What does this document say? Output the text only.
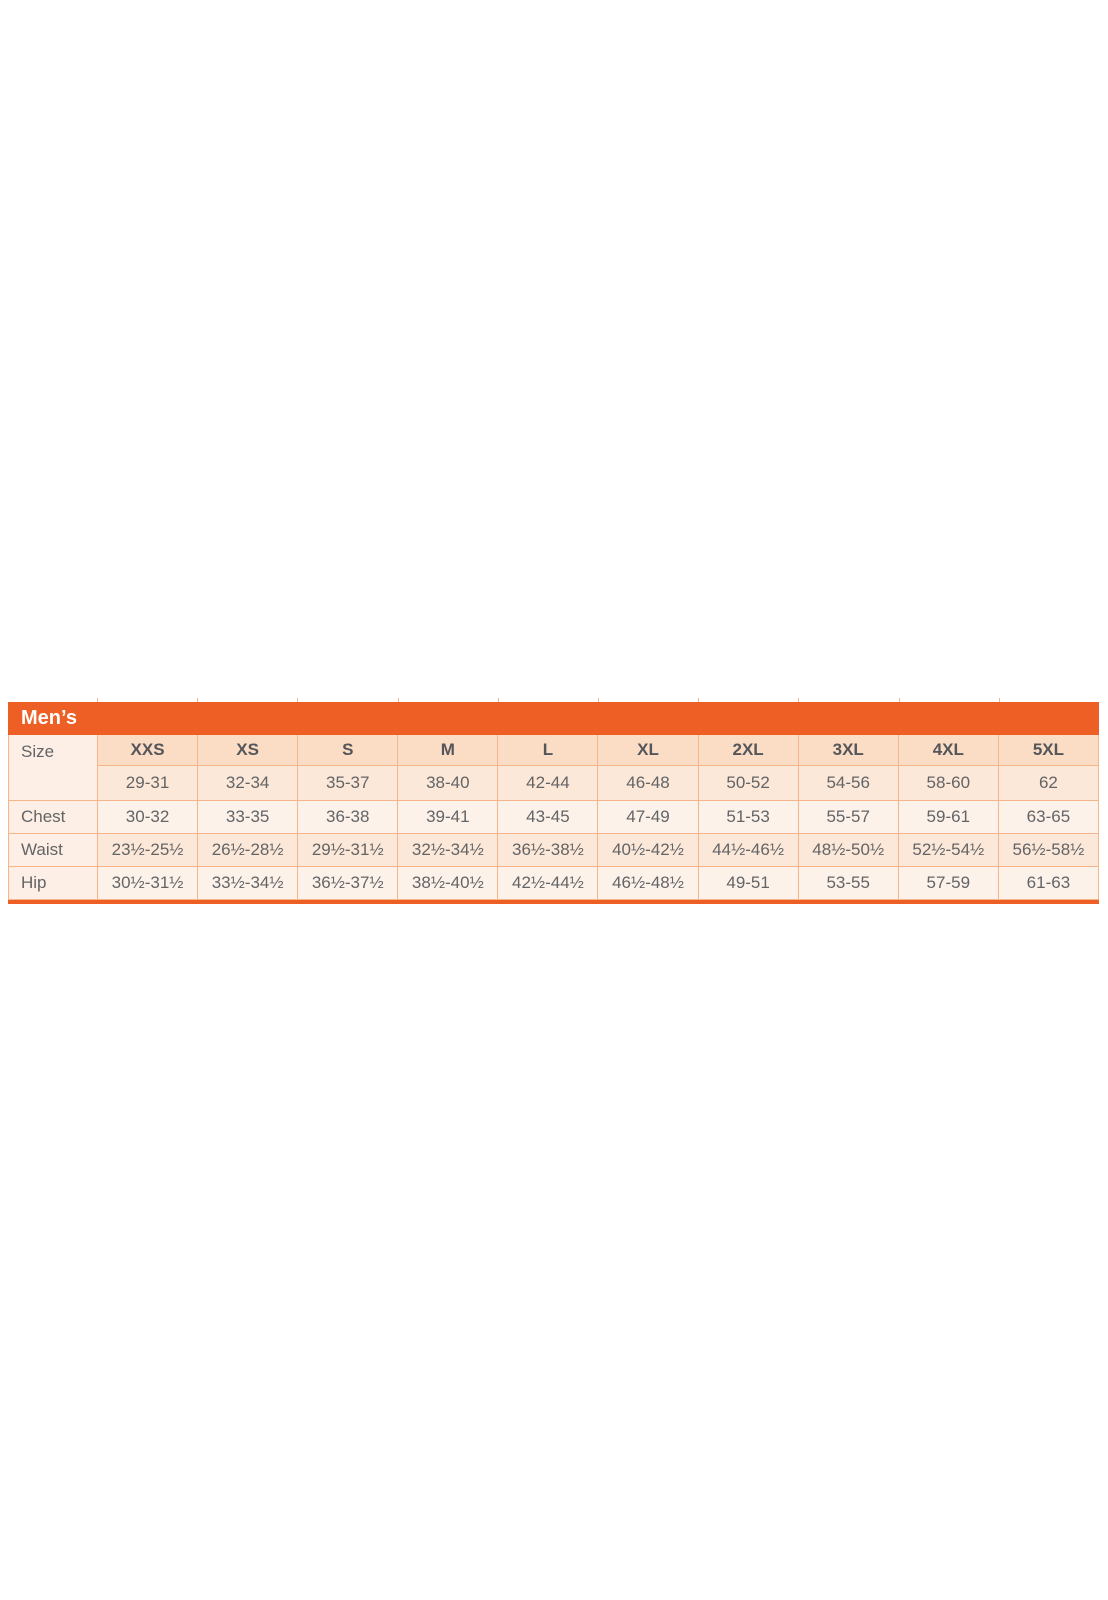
Men’s										
Size	XXS	XS	S	M	L	XL	2XL	3XL	4XL	5XL
	29-31	32-34	35-37	38-40	42-44	46-48	50-52	54-56	58-60	62
Chest	30-32	33-35	36-38	39-41	43-45	47-49	51-53	55-57	59-61	63-65
Waist	23½-25½	26½-28½	29½-31½	32½-34½	36½-38½	40½-42½	44½-46½	48½-50½	52½-54½	56½-58½
Hip	30½-31½	33½-34½	36½-37½	38½-40½	42½-44½	46½-48½	49-51	53-55	57-59	61-63
